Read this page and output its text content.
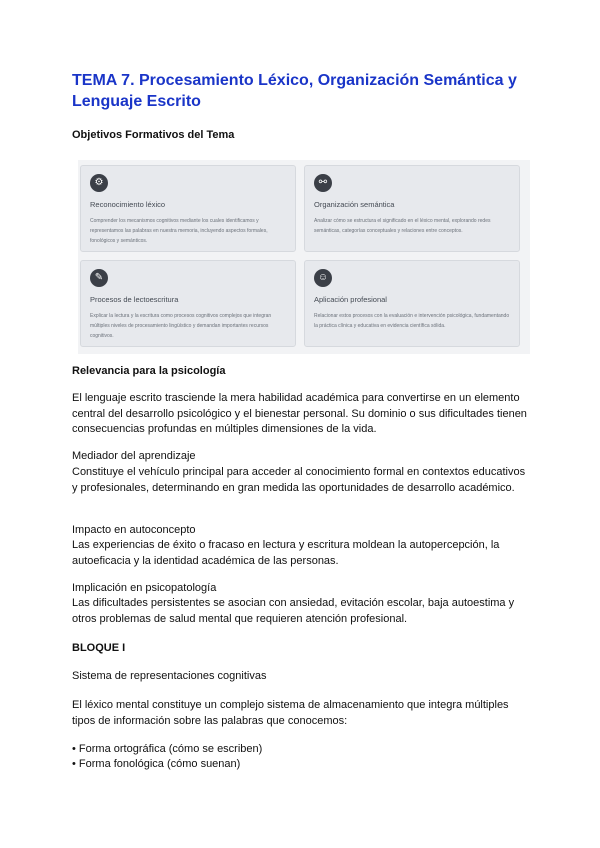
TEMA 7. Procesamiento Léxico, Organización Semántica y Lenguaje Escrito
Objetivos Formativos del Tema
⚙
Reconocimiento léxico
Comprender los mecanismos cognitivos mediante los cuales identificamos y representamos las palabras en nuestra memoria, incluyendo aspectos formales, fonológicos y semánticos.
⚯
Organización semántica
Analizar cómo se estructura el significado en el léxico mental, explorando redes semánticas, categorías conceptuales y relaciones entre conceptos.
✎
Procesos de lectoescritura
Explicar la lectura y la escritura como procesos cognitivos complejos que integran múltiples niveles de procesamiento lingüístico y demandan importantes recursos cognitivos.
☺
Aplicación profesional
Relacionar estos procesos con la evaluación e intervención psicológica, fundamentando la práctica clínica y educativa en evidencia científica sólida.
Relevancia para la psicología

El lenguaje escrito trasciende la mera habilidad académica para convertirse en un elemento central del desarrollo psicológico y el bienestar personal. Su dominio o sus dificultades tienen consecuencias profundas en múltiples dimensiones de la vida.

Mediador del aprendizaje

Constituye el vehículo principal para acceder al conocimiento formal en contextos educativos y profesionales, determinando en gran medida las oportunidades de desarrollo académico.

Impacto en autoconcepto

Las experiencias de éxito o fracaso en lectura y escritura moldean la autopercepción, la autoeficacia y la identidad académica de las personas.

Implicación en psicopatología

Las dificultades persistentes se asocian con ansiedad, evitación escolar, baja autoestima y otros problemas de salud mental que requieren atención profesional.

BLOQUE I

Sistema de representaciones cognitivas

El léxico mental constituye un complejo sistema de almacenamiento que integra múltiples tipos de información sobre las palabras que conocemos:

• Forma ortográfica (cómo se escriben)

• Forma fonológica (cómo suenan)
